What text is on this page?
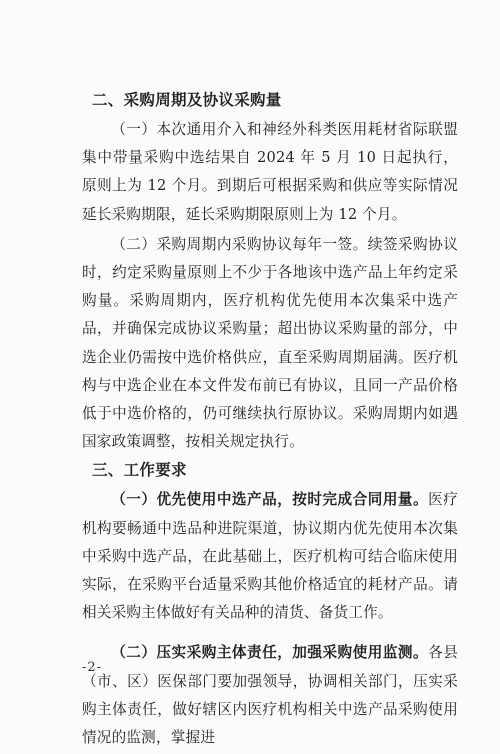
二、采购周期及协议采购量

（一）本次通用介入和神经外科类医用耗材省际联盟集中带量采购中选结果自 2024 年 5 月 10 日起执行，原则上为 12 个月。到期后可根据采购和供应等实际情况延长采购期限，延长采购期限原则上为 12 个月。

（二）采购周期内采购协议每年一签。续签采购协议时，约定采购量原则上不少于各地该中选产品上年约定采购量。采购周期内，医疗机构优先使用本次集采中选产品，并确保完成协议采购量；超出协议采购量的部分，中选企业仍需按中选价格供应，直至采购周期届满。医疗机构与中选企业在本文件发布前已有协议，且同一产品价格低于中选价格的，仍可继续执行原协议。采购周期内如遇国家政策调整，按相关规定执行。

三、工作要求

（一）优先使用中选产品，按时完成合同用量。医疗机构要畅通中选品种进院渠道，协议期内优先使用本次集中采购中选产品，在此基础上，医疗机构可结合临床使用实际，在采购平台适量采购其他价格适宜的耗材产品。请相关采购主体做好有关品种的清货、备货工作。

（二）压实采购主体责任，加强采购使用监测。各县（市、区）医保部门要加强领导，协调相关部门，压实采购主体责任，做好辖区内医疗机构相关中选产品采购使用情况的监测，掌握进

-2-
